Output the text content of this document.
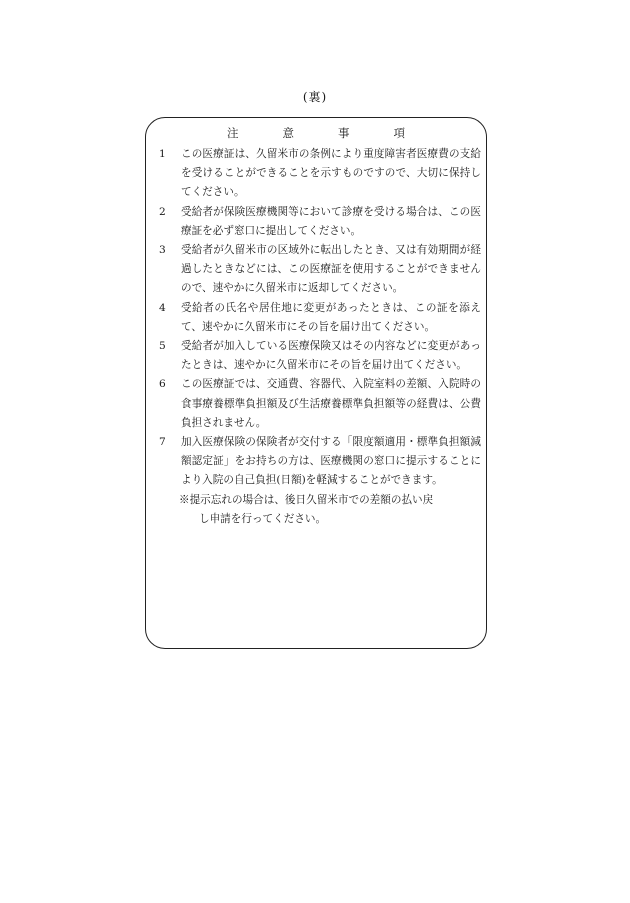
(裏)
注	意	事	項
1	この医療証は、久留米市の条例により重度障害者医療費の支給を受けることができることを示すものですので、大切に保持してください。
2	受給者が保険医療機関等において診療を受ける場合は、この医療証を必ず窓口に提出してください。
3	受給者が久留米市の区域外に転出したとき、又は有効期間が経過したときなどには、この医療証を使用することができませんので、速やかに久留米市に返却してください。
4	受給者の氏名や居住地に変更があったときは、この証を添えて、速やかに久留米市にその旨を届け出てください。
5	受給者が加入している医療保険又はその内容などに変更があったときは、速やかに久留米市にその旨を届け出てください。
6	この医療証では、交通費、容器代、入院室料の差額、入院時の食事療養標準負担額及び生活療養標準負担額等の経費は、公費負担されません。
7	加入医療保険の保険者が交付する「限度額適用・標準負担額減額認定証」をお持ちの方は、医療機関の窓口に提示することにより入院の自己負担(日額)を軽減することができます。
※提示忘れの場合は、後日久留米市での差額の払い戻
し申請を行ってください。
